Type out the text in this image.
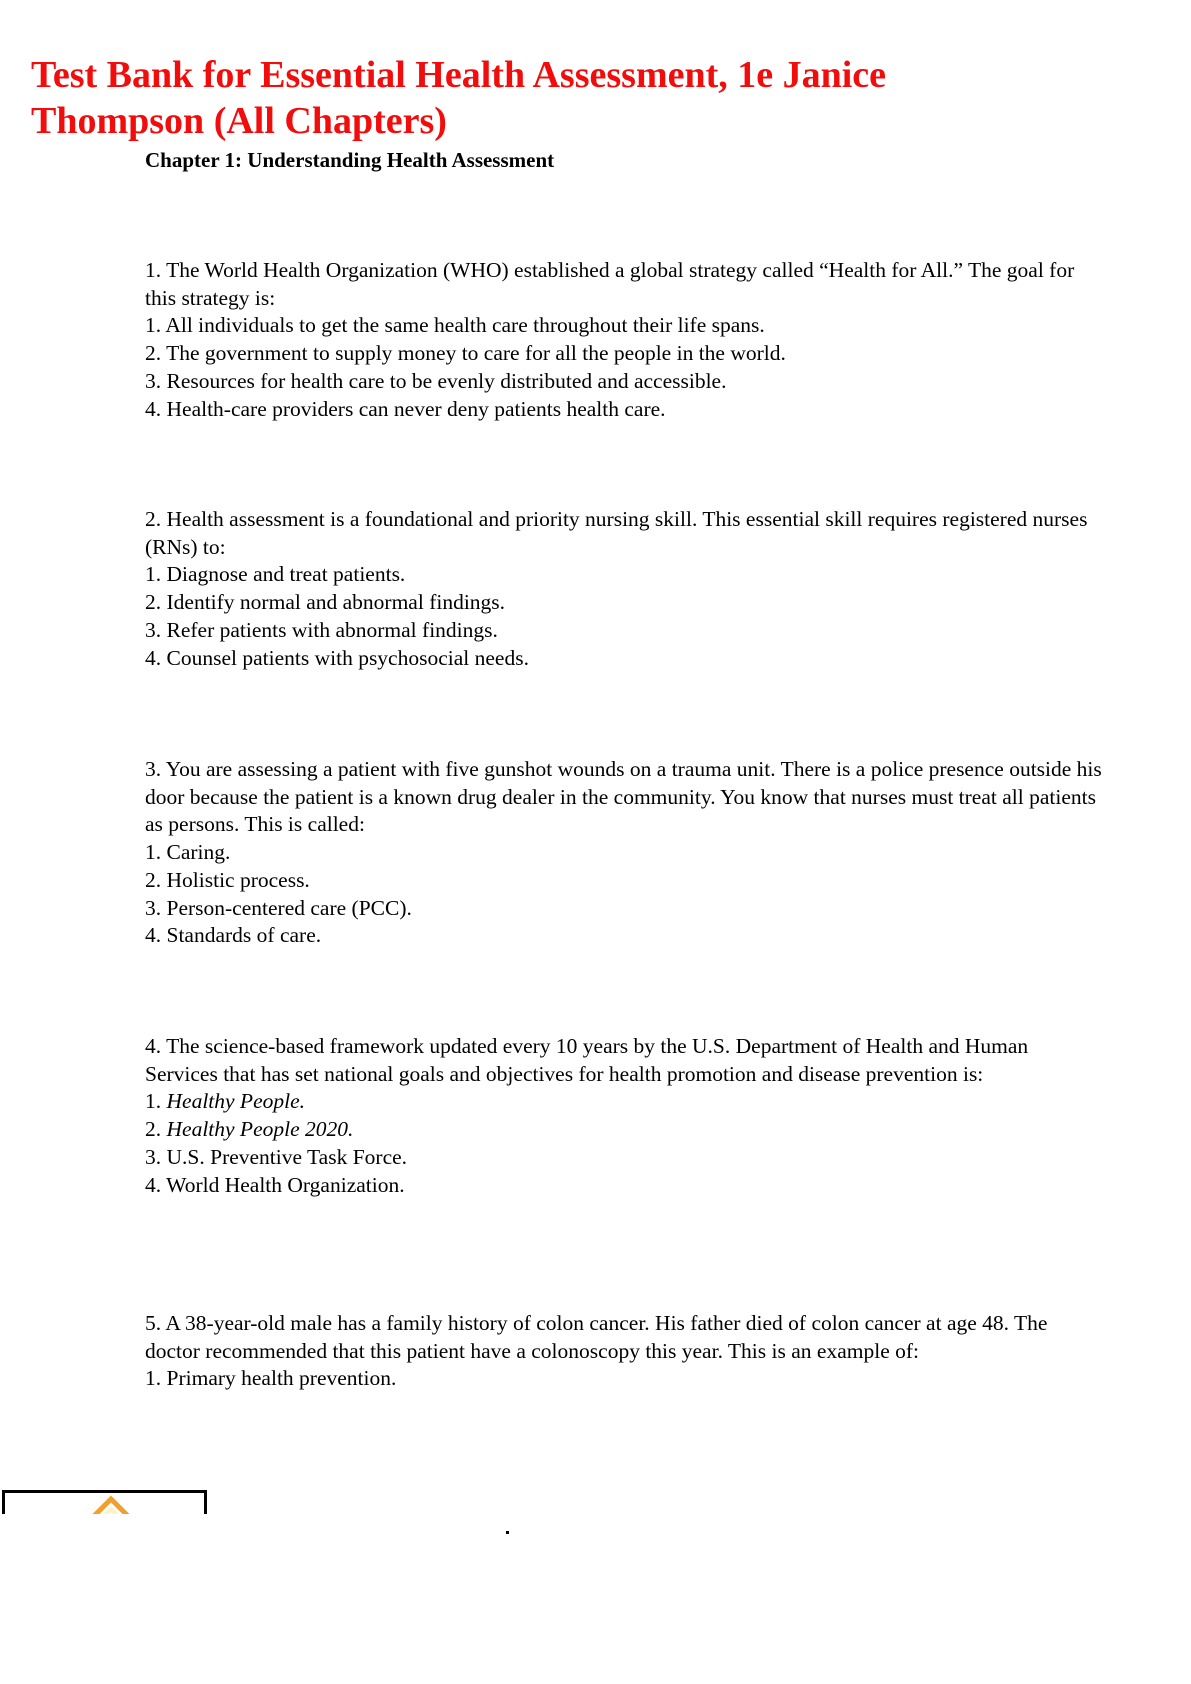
Test Bank for Essential Health Assessment, 1e Janice Thompson (All Chapters)
Chapter 1: Understanding Health Assessment

1. The World Health Organization (WHO) established a global strategy called “Health for All.” The goal for this strategy is:

1. All individuals to get the same health care throughout their life spans.

2. The government to supply money to care for all the people in the world.

3. Resources for health care to be evenly distributed and accessible.

4. Health-care providers can never deny patients health care.

2. Health assessment is a foundational and priority nursing skill. This essential skill requires registered nurses (RNs) to:

1. Diagnose and treat patients.

2. Identify normal and abnormal findings.

3. Refer patients with abnormal findings.

4. Counsel patients with psychosocial needs.

3. You are assessing a patient with five gunshot wounds on a trauma unit. There is a police presence outside his door because the patient is a known drug dealer in the community. You know that nurses must treat all patients as persons. This is called:

1. Caring.

2. Holistic process.

3. Person-centered care (PCC).

4. Standards of care.

4. The science-based framework updated every 10 years by the U.S. Department of Health and Human Services that has set national goals and objectives for health promotion and disease prevention is:

1. Healthy People.

2. Healthy People 2020.

3. U.S. Preventive Task Force.

4. World Health Organization.

5. A 38-year-old male has a family history of colon cancer. His father died of colon cancer at age 48. The doctor recommended that this patient have a colonoscopy this year. This is an example of:

1. Primary health prevention.
